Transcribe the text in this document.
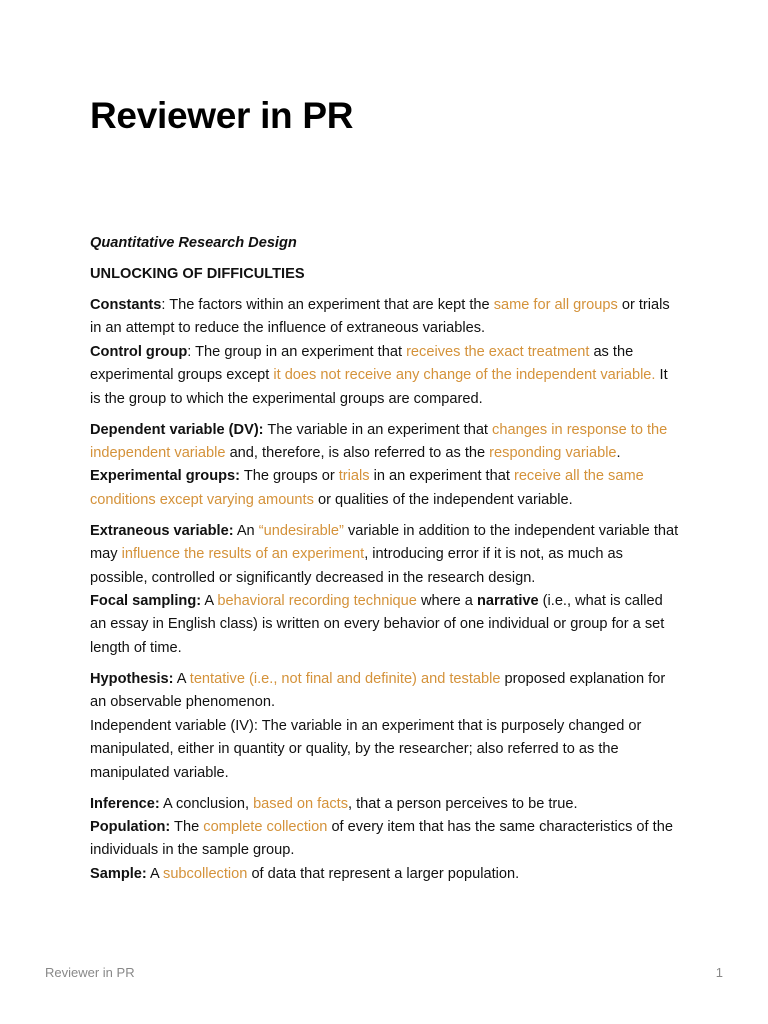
Reviewer in PR

Quantitative Research Design

UNLOCKING OF DIFFICULTIES

Constants: The factors within an experiment that are kept the same for all groups or trials in an attempt to reduce the influence of extraneous variables.
Control group: The group in an experiment that receives the exact treatment as the experimental groups except it does not receive any change of the independent variable. It is the group to which the experimental groups are compared.

Dependent variable (DV): The variable in an experiment that changes in response to the independent variable and, therefore, is also referred to as the responding variable.
Experimental groups: The groups or trials in an experiment that receive all the same conditions except varying amounts or qualities of the independent variable.

Extraneous variable: An “undesirable” variable in addition to the independent variable that
may influence the results of an experiment, introducing error if it is not, as much as possible, controlled or significantly decreased in the research design.
Focal sampling: A behavioral recording technique where a narrative (i.e., what is called an essay in English class) is written on every behavior of one individual or group for a set length of time.

Hypothesis: A tentative (i.e., not final and definite) and testable proposed explanation for an observable phenomenon.
Independent variable (IV): The variable in an experiment that is purposely changed or manipulated, either in quantity or quality, by the researcher; also referred to as the manipulated variable.

Inference: A conclusion, based on facts, that a person perceives to be true.
Population: The complete collection of every item that has the same characteristics of the individuals in the sample group.
Sample: A subcollection of data that represent a larger population.

Reviewer in PR	1
